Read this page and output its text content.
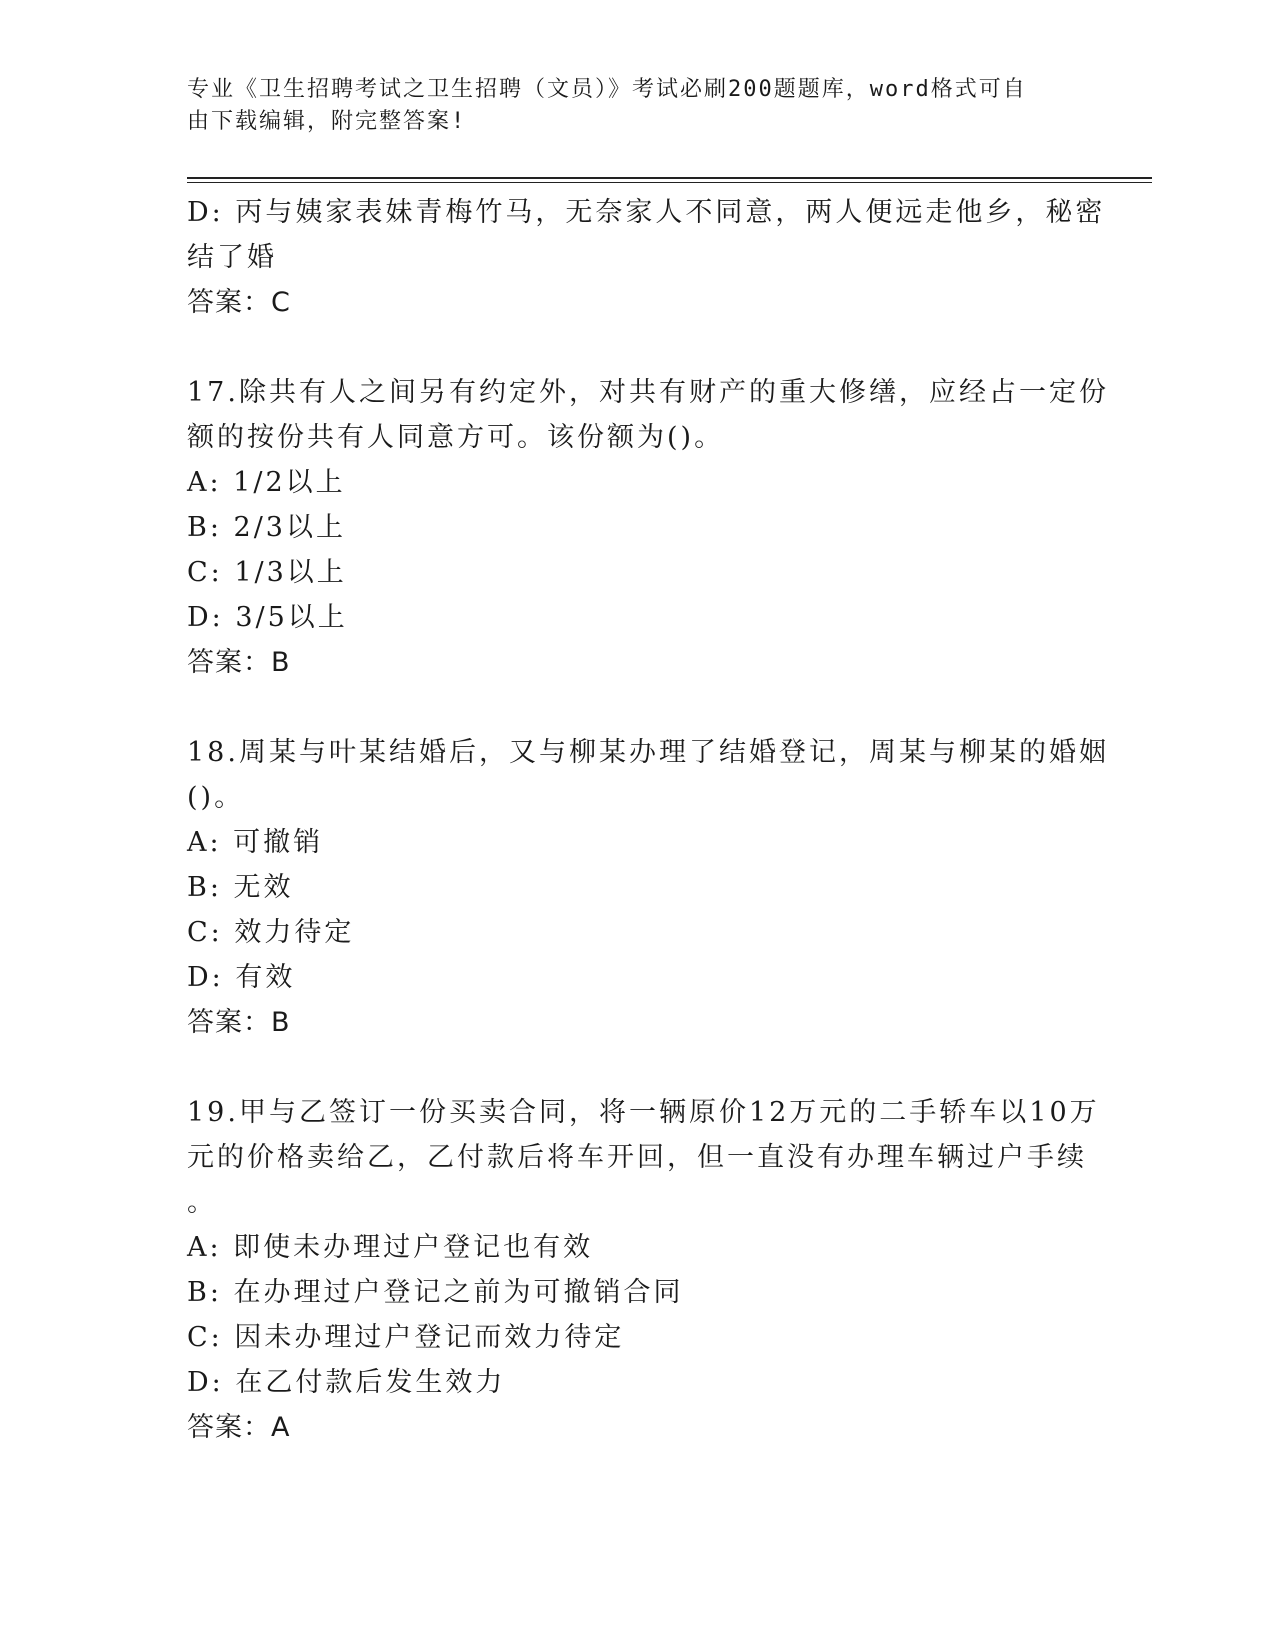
专业《卫生招聘考试之卫生招聘（文员）》考试必刷200题题库，word格式可自
由下载编辑，附完整答案!
D: 丙与姨家表妹青梅竹马，无奈家人不同意，两人便远走他乡，秘密
结了婚
答案：C
17.除共有人之间另有约定外，对共有财产的重大修缮，应经占一定份
额的按份共有人同意方可。该份额为()。
A: 1/2以上
B: 2/3以上
C: 1/3以上
D: 3/5以上
答案：B
18.周某与叶某结婚后，又与柳某办理了结婚登记，周某与柳某的婚姻
()。
A: 可撤销
B: 无效
C: 效力待定
D: 有效
答案：B
19.甲与乙签订一份买卖合同，将一辆原价12万元的二手轿车以10万
元的价格卖给乙，乙付款后将车开回，但一直没有办理车辆过户手续
。
A: 即使未办理过户登记也有效
B: 在办理过户登记之前为可撤销合同
C: 因未办理过户登记而效力待定
D: 在乙付款后发生效力
答案：A
